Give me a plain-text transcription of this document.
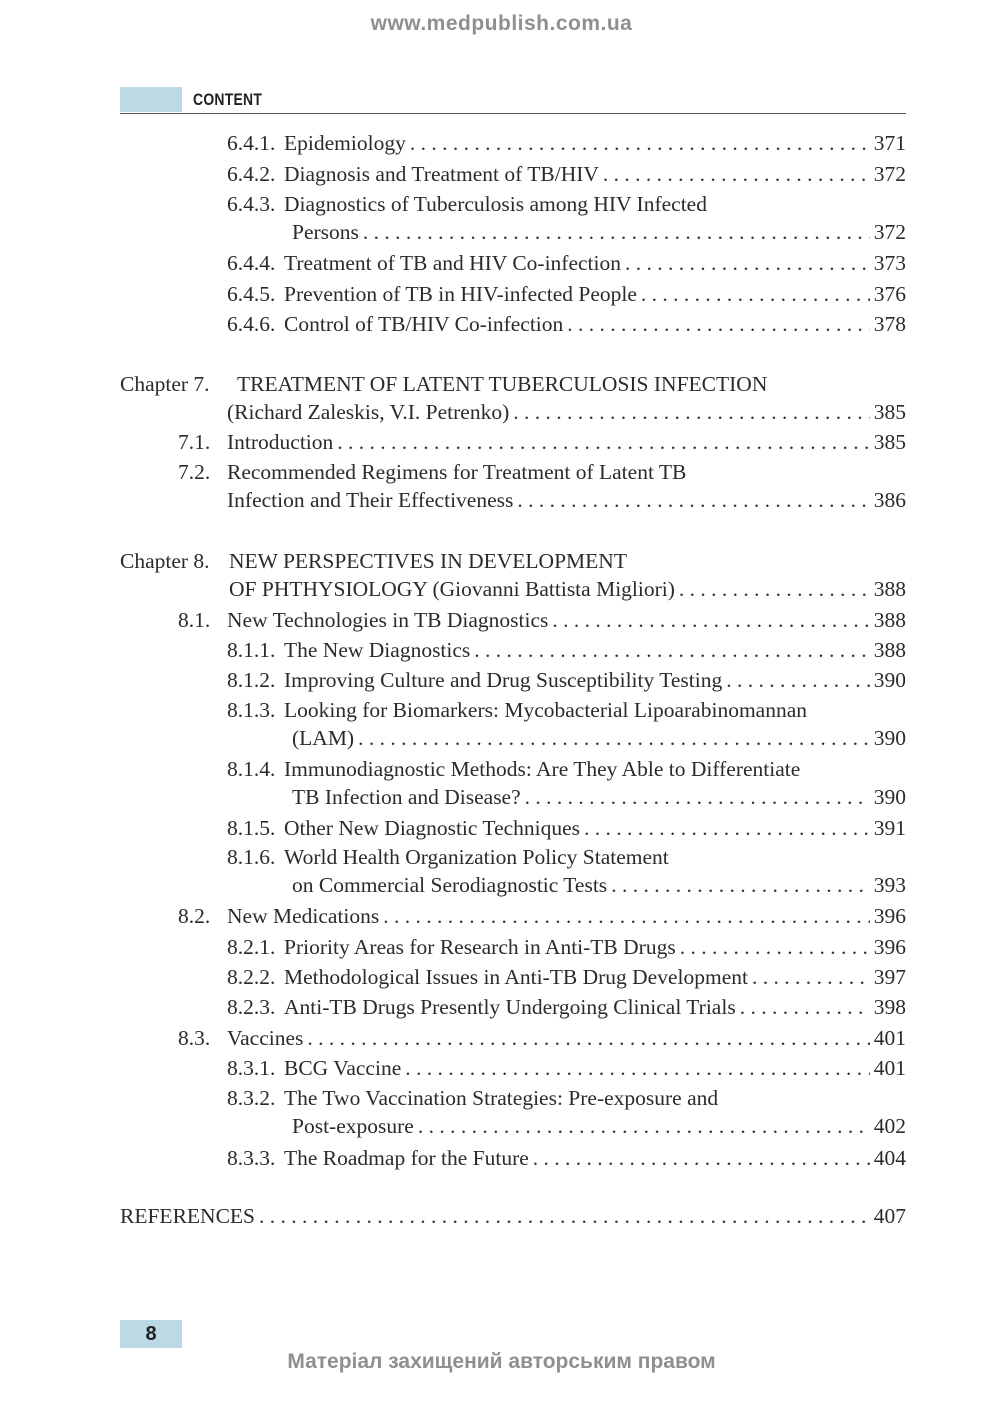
www.medpublish.com.ua
CONTENT
6.4.1. Epidemiology . . .	371
6.4.2. Diagnosis and Treatment of TB/HIV . . .	372
6.4.3. Diagnostics of Tuberculosis among HIV Infected
Persons . . .	372
6.4.4. Treatment of TB and HIV Co-infection . . .	373
6.4.5. Prevention of TB in HIV-infected People . . .	376
6.4.6. Control of TB/HIV Co-infection . . .	378
Chapter 7. TREATMENT OF LATENT TUBERCULOSIS INFECTION
(Richard Zaleskis, V.I. Petrenko) . . .	385
7.1. Introduction . . .	385
7.2. Recommended Regimens for Treatment of Latent TB
Infection and Their Effectiveness . . .	386
Chapter 8. NEW PERSPECTIVES IN DEVELOPMENT
OF PHTHYSIOLOGY (Giovanni Battista Migliori) . . .	388
8.1. New Technologies in TB Diagnostics . . .	388
8.1.1. The New Diagnostics . . .	388
8.1.2. Improving Culture and Drug Susceptibility Testing . . .	390
8.1.3. Looking for Biomarkers: Mycobacterial Lipoarabinomannan
(LAM) . . .	390
8.1.4. Immunodiagnostic Methods: Are They Able to Differentiate
TB Infection and Disease? . . .	390
8.1.5. Other New Diagnostic Techniques . . .	391
8.1.6. World Health Organization Policy Statement
on Commercial Serodiagnostic Tests . . .	393
8.2. New Medications . . .	396
8.2.1. Priority Areas for Research in Anti-TB Drugs . . .	396
8.2.2. Methodological Issues in Anti-TB Drug Development . . .	397
8.2.3. Anti-TB Drugs Presently Undergoing Clinical Trials . . .	398
8.3. Vaccines . . .	401
8.3.1. BCG Vaccine . . .	401
8.3.2. The Two Vaccination Strategies: Pre-exposure and
Post-exposure . . .	402
8.3.3. The Roadmap for the Future . . .	404
REFERENCES . . .	407
8
Матеріал захищений авторським правом
